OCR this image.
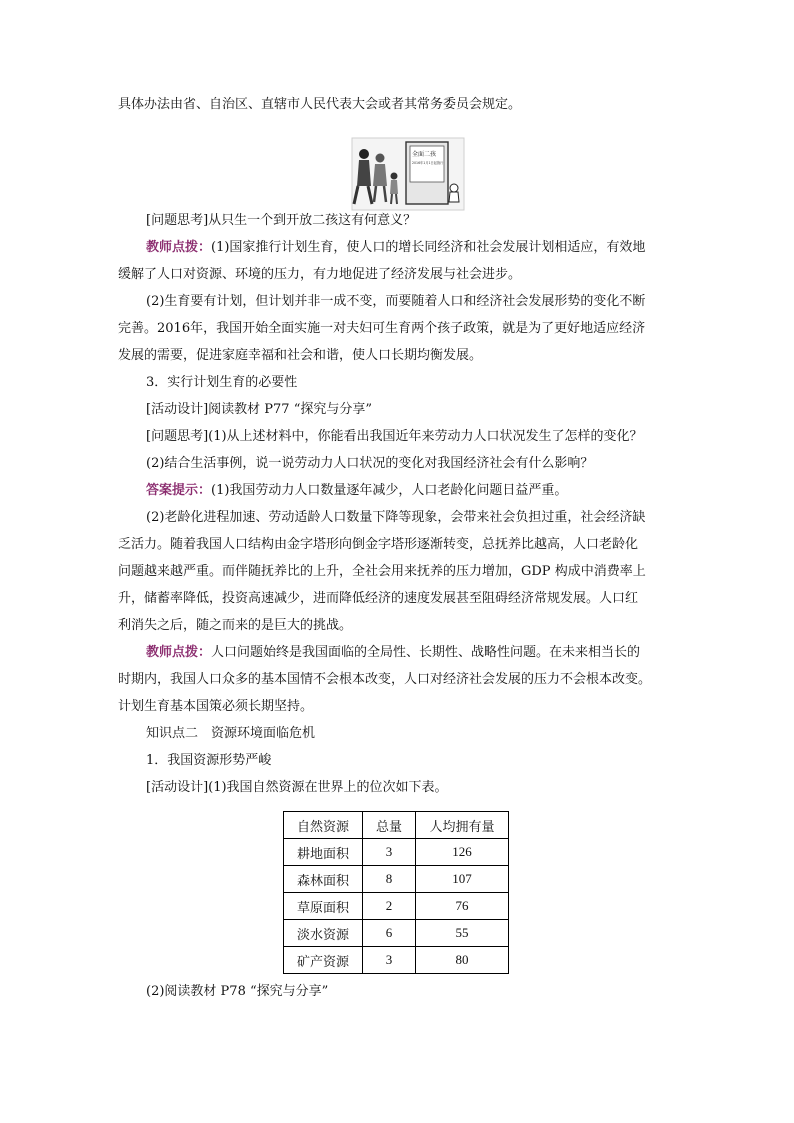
具体办法由省、自治区、直辖市人民代表大会或者其常务委员会规定。
全面二孩
2016年1月1日起施行
[问题思考]从只生一个到开放二孩这有何意义？
教师点拨：(1)国家推行计划生育，使人口的增长同经济和社会发展计划相适应，有效地
缓解了人口对资源、环境的压力，有力地促进了经济发展与社会进步。
(2)生育要有计划，但计划并非一成不变，而要随着人口和经济社会发展形势的变化不断
完善。2016年，我国开始全面实施一对夫妇可生育两个孩子政策，就是为了更好地适应经济
发展的需要，促进家庭幸福和社会和谐，使人口长期均衡发展。
3．实行计划生育的必要性
[活动设计]阅读教材 P77 “探究与分享”
[问题思考](1)从上述材料中，你能看出我国近年来劳动力人口状况发生了怎样的变化？
(2)结合生活事例，说一说劳动力人口状况的变化对我国经济社会有什么影响？
答案提示：(1)我国劳动力人口数量逐年减少，人口老龄化问题日益严重。
(2)老龄化进程加速、劳动适龄人口数量下降等现象，会带来社会负担过重，社会经济缺
乏活力。随着我国人口结构由金字塔形向倒金字塔形逐渐转变，总抚养比越高，人口老龄化
问题越来越严重。而伴随抚养比的上升，全社会用来抚养的压力增加，GDP 构成中消费率上
升，储蓄率降低，投资高速减少，进而降低经济的速度发展甚至阻碍经济常规发展。人口红
利消失之后，随之而来的是巨大的挑战。
教师点拨：人口问题始终是我国面临的全局性、长期性、战略性问题。在未来相当长的
时期内，我国人口众多的基本国情不会根本改变，人口对经济社会发展的压力不会根本改变。
计划生育基本国策必须长期坚持。
知识点二　资源环境面临危机
1．我国资源形势严峻
[活动设计](1)我国自然资源在世界上的位次如下表。
自然资源	总量	人均拥有量
耕地面积	3	126
森林面积	8	107
草原面积	2	76
淡水资源	6	55
矿产资源	3	80
(2)阅读教材 P78 “探究与分享”
